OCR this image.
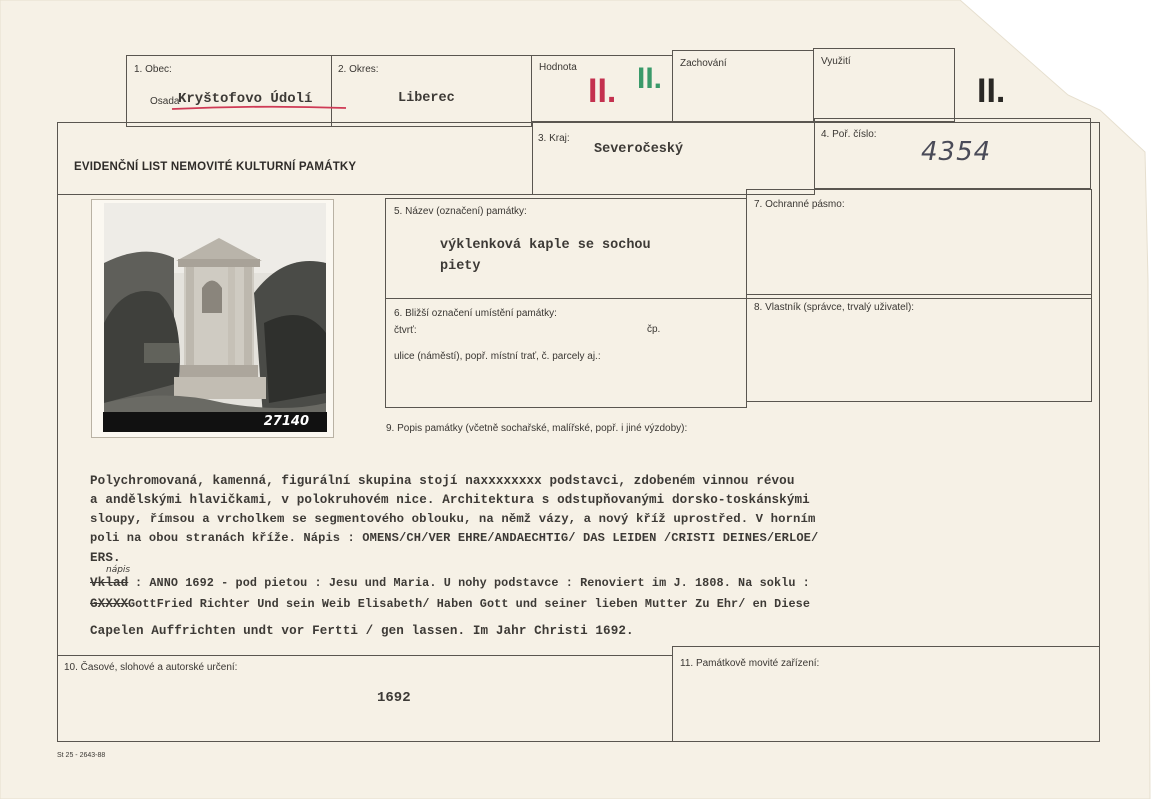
1. Obec:
Osada
Kryštofovo Údolí
2. Okres:
Liberec
Hodnota
II. II. Zachování	Využití
II.
EVIDENČNÍ LIST NEMOVITÉ KULTURNÍ PAMÁTKY
3. Kraj:
Severočeský
4. Poř. číslo:
4354
27140
5. Název (označení) památky:
výklenková kaple se sochou
piety
7. Ochranné pásmo:
6. Bližší označení umístění památky:
čtvrť:	čp.
ulice (náměstí), popř. místní trať, č. parcely aj.:
8. Vlastník (správce, trvalý uživatel):
9. Popis památky (včetně sochařské, malířské, popř. i jiné výzdoby):
Polychromovaná, kamenná, figurální skupina stojí naxxxxxxxx podstavci, zdobeném vinnou révou
a andělskými hlavičkami, v polokruhovém nice. Architektura s odstupňovanými dorsko-toskánskými
sloupy, římsou a vrcholkem se segmentového oblouku, na němž vázy, a nový kříž uprostřed. V horním
poli na obou stranách kříže. Nápis : OMENS/CH/VER EHRE/ANDAECHTIG/ DAS LEIDEN /CRISTI DEINES/ERLOE/
ERS.
nápis
Vklad : ANNO 1692 - pod pietou : Jesu und Maria. U nohy podstavce : Renoviert im J. 1808. Na soklu :
GXXXX GottFried Richter Und sein Weib Elisabeth/ Haben Gott und seiner lieben Mutter Zu Ehr/ en Diese
Capelen Auffrichten undt vor Fertti / gen lassen. Im Jahr Christi 1692.
10. Časové, slohové a autorské určení:
1692
11. Památkově movité zařízení:
St 25 - 2643-88
